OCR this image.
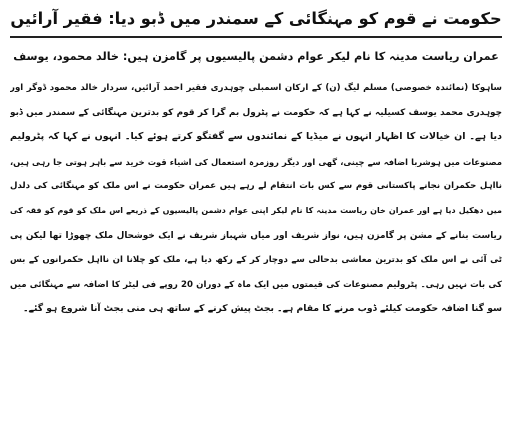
حکومت نے قوم کو مہنگائی کے سمندر میں ڈبو دیا: فقیر آرائیں
عمران ریاست مدینہ کا نام لیکر عوام دشمن پالیسیوں پر گامزن ہیں: خالد محمود، یوسف
ساہوکا (نمائندہ خصوصی) مسلم لیگ (ن) کے ارکان اسمبلی چوہدری فقیر احمد آرائیں، سردار خالد محمود ڈوگر اور
چوہدری محمد یوسف کسیلیہ نے کہا ہے کہ حکومت نے پٹرول بم گرا کر قوم کو بدترین مہنگائی کے سمندر میں ڈبو
دیا ہے۔ ان خیالات کا اظہار انہوں نے میڈیا کے نمائندوں سے گفتگو کرتے ہوئے کیا۔ انہوں نے کہا کہ پٹرولیم
مصنوعات میں ہوشربا اضافہ سے چینی، گھی اور دیگر روزمرہ استعمال کی اشیاء قوت خرید سے باہر ہوتی جا رہی ہیں،
نااہل حکمران نجانے پاکستانی قوم سے کس بات انتقام لے رہے ہیں عمران حکومت نے اس ملک کو مہنگائی کی دلدل
میں دھکیل دیا ہے اور عمران خان ریاست مدینہ کا نام لیکر اپنی عوام دشمن پالیسیوں کے ذریعے اس ملک کو قوم کو فقہ کی
ریاست بنانے کے مشن پر گامزن ہیں، نواز شریف اور میاں شہباز شریف نے ایک خوشحال ملک چھوڑا تھا لیکن پی
ٹی آئی نے اس ملک کو بدترین معاشی بدحالی سے دوچار کر کے رکھ دیا ہے، ملک کو چلانا ان نااہل حکمرانوں کے بس
کی بات نہیں رہی۔ پٹرولیم مصنوعات کی قیمتوں میں ایک ماہ کے دوران 20 روپے فی لیٹر کا اضافہ سے مہنگائی میں
سو گنا اضافہ حکومت کیلئے ڈوب مرنے کا مقام ہے۔ بجٹ پیش کرنے کے ساتھ ہی منی بجٹ آنا شروع ہو گئے۔
